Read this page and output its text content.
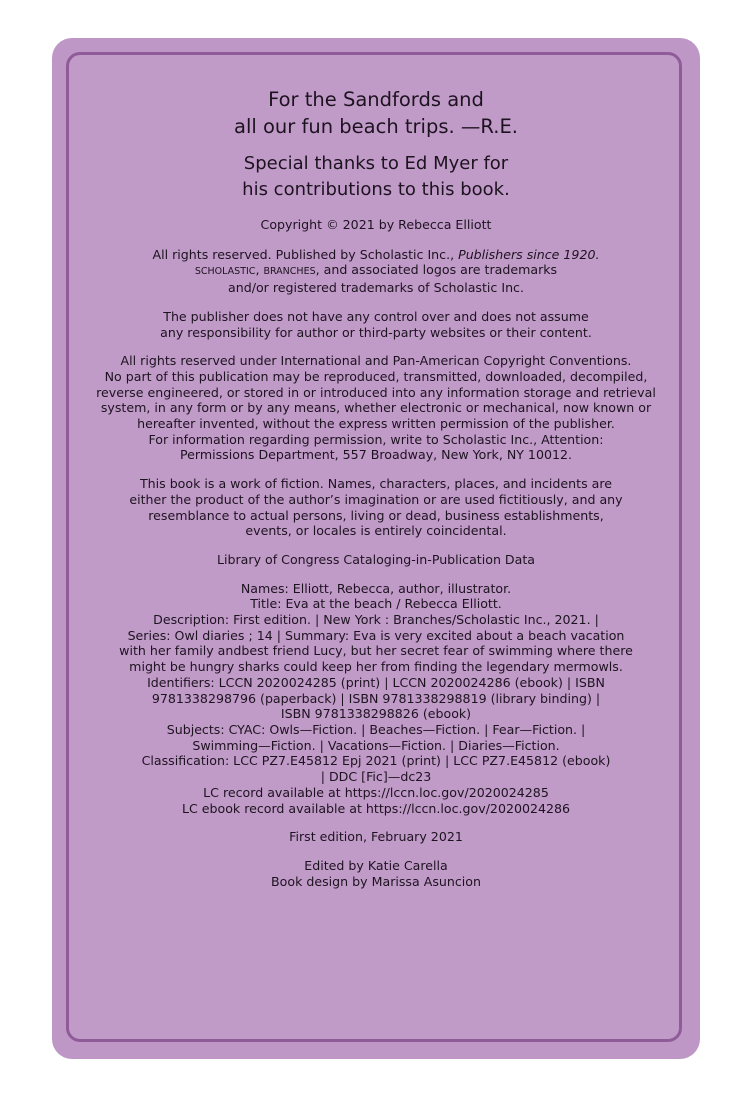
For the Sandfords and
all our fun beach trips. —R.E.
Special thanks to Ed Myer for
his contributions to this book.
Copyright © 2021 by Rebecca Elliott
All rights reserved. Published by Scholastic Inc., Publishers since 1920.
SCHOLASTIC, BRANCHES, and associated logos are trademarks
and/or registered trademarks of Scholastic Inc.
The publisher does not have any control over and does not assume
any responsibility for author or third-party websites or their content.
All rights reserved under International and Pan-American Copyright Conventions.
No part of this publication may be reproduced, transmitted, downloaded, decompiled,
reverse engineered, or stored in or introduced into any information storage and retrieval
system, in any form or by any means, whether electronic or mechanical, now known or
hereafter invented, without the express written permission of the publisher.
For information regarding permission, write to Scholastic Inc., Attention:
Permissions Department, 557 Broadway, New York, NY 10012.
This book is a work of fiction. Names, characters, places, and incidents are
either the product of the author’s imagination or are used fictitiously, and any
resemblance to actual persons, living or dead, business establishments,
events, or locales is entirely coincidental.
Library of Congress Cataloging-in-Publication Data
Names: Elliott, Rebecca, author, illustrator.
Title: Eva at the beach / Rebecca Elliott.
Description: First edition. | New York : Branches/Scholastic Inc., 2021. |
Series: Owl diaries ; 14 | Summary: Eva is very excited about a beach vacation
with her family andbest friend Lucy, but her secret fear of swimming where there
might be hungry sharks could keep her from finding the legendary mermowls.
Identifiers: LCCN 2020024285 (print) | LCCN 2020024286 (ebook) | ISBN
9781338298796 (paperback) | ISBN 9781338298819 (library binding) |
ISBN 9781338298826 (ebook)
Subjects: CYAC: Owls—Fiction. | Beaches—Fiction. | Fear—Fiction. |
Swimming—Fiction. | Vacations—Fiction. | Diaries—Fiction.
Classification: LCC PZ7.E45812 Epj 2021 (print) | LCC PZ7.E45812 (ebook)
| DDC [Fic]—dc23
LC record available at https://lccn.loc.gov/2020024285
LC ebook record available at https://lccn.loc.gov/2020024286
First edition, February 2021
Edited by Katie Carella
Book design by Marissa Asuncion
